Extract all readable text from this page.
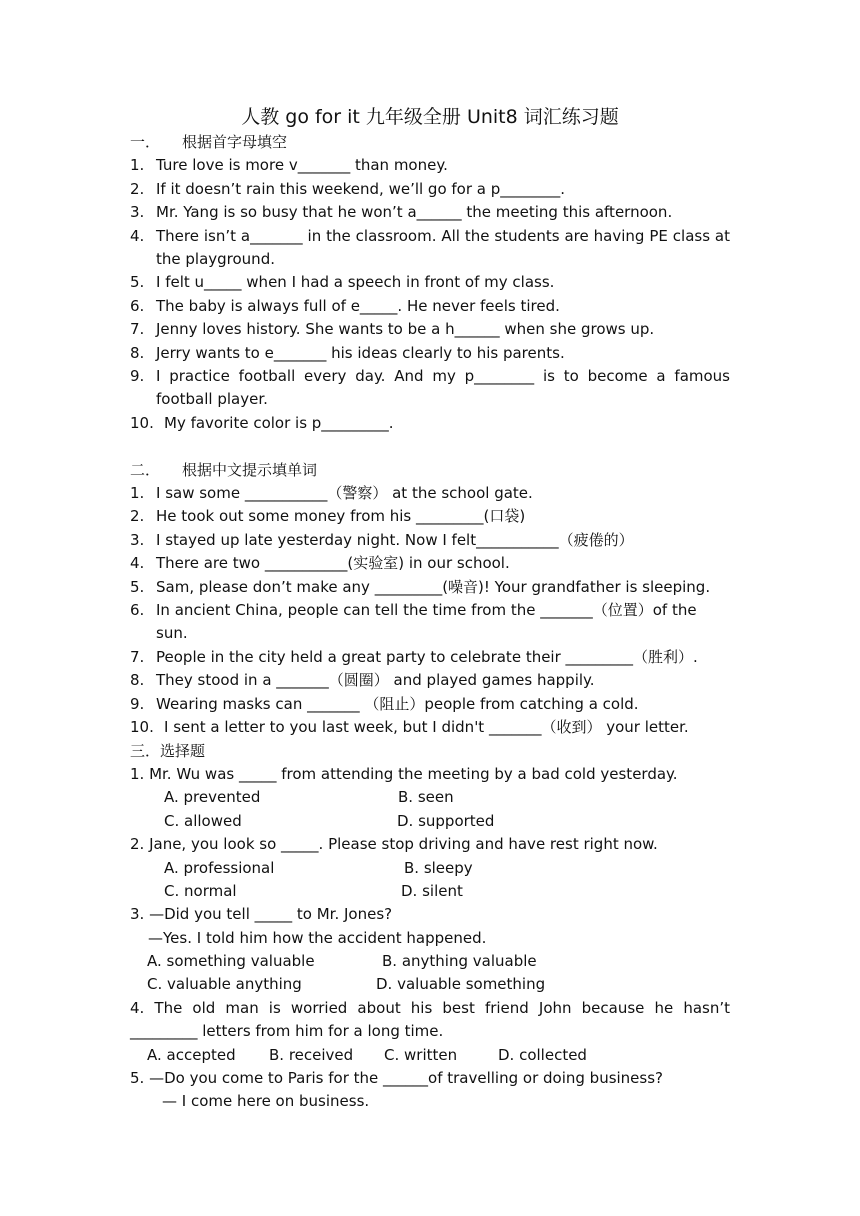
人教 go for it 九年级全册 Unit8 词汇练习题
一． 根据首字母填空
1. Ture love is more v_______ than money.
2. If it doesn’t rain this weekend, we’ll go for a p________.
3. Mr. Yang is so busy that he won’t a______ the meeting this afternoon.
4. There isn’t a_______ in the classroom. All the students are having PE class at the playground.
5. I felt u_____ when I had a speech in front of my class.
6. The baby is always full of e_____. He never feels tired.
7. Jenny loves history. She wants to be a h______ when she grows up.
8. Jerry wants to e_______ his ideas clearly to his parents.
9. I practice football every day. And my p________ is to become a famous football player.
10. My favorite color is p_________.
二． 根据中文提示填单词
1. I saw some ___________（警察） at the school gate.
2. He took out some money from his _________(口袋)
3. I stayed up late yesterday night. Now I felt___________（疲倦的）
4. There are two ___________(实验室) in our school.
5. Sam, please don’t make any _________(噪音)! Your grandfather is sleeping.
6. In ancient China, people can tell the time from the _______（位置）of the sun.
7. People in the city held a great party to celebrate their _________（胜利）.
8. They stood in a _______（圆圈） and played games happily.
9. Wearing masks can _______ （阻止）people from catching a cold.
10. I sent a letter to you last week, but I didn't _______（收到） your letter.
三．选择题
1. Mr. Wu was _____ from attending the meeting by a bad cold yesterday.
A. prevented	B. seen
C. allowed	D. supported
2. Jane, you look so _____. Please stop driving and have rest right now.
A. professional	B. sleepy
C. normal	D. silent
3. —Did you tell _____ to Mr. Jones?
—Yes. I told him how the accident happened.
A. something valuable	B. anything valuable
C. valuable anything	D. valuable something
4. The old man is worried about his best friend John because he hasn’t _________ letters from him for a long time.
A. accepted B. received C. written	D. collected
5. —Do you come to Paris for the ______of travelling or doing business?
— I come here on business.
